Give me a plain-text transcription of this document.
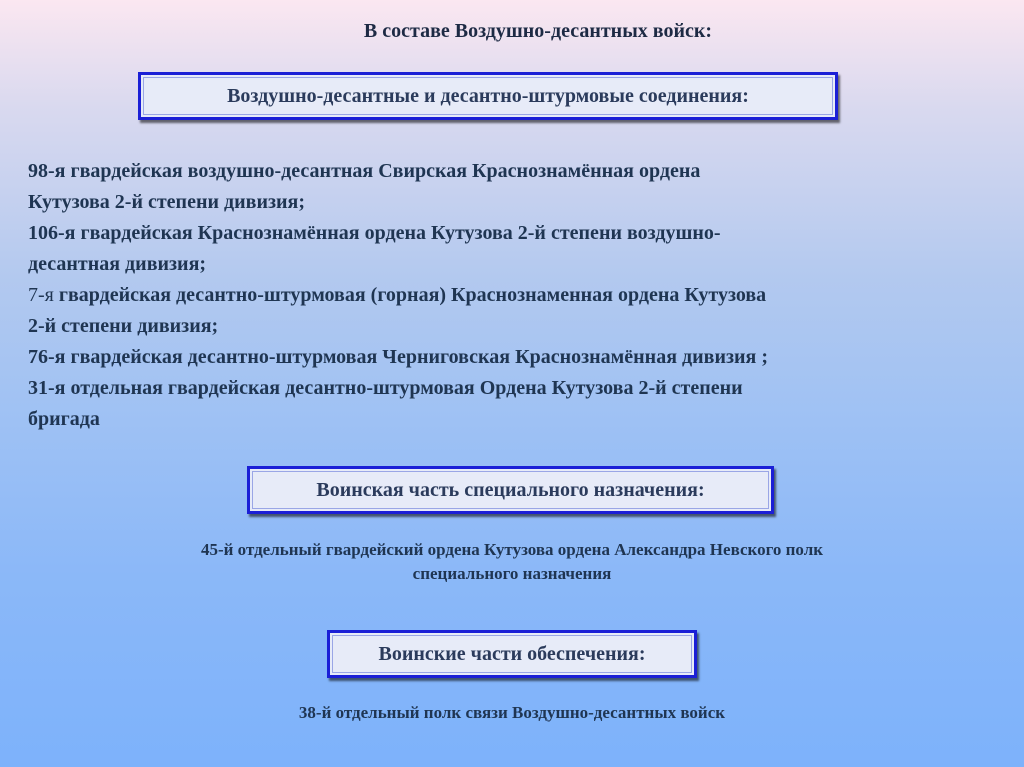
В составе Воздушно-десантных войск:
Воздушно-десантные и десантно-штурмовые соединения:
98-я гвардейская воздушно-десантная Свирская Краснознамённая ордена
Кутузова 2-й степени дивизия;
106-я гвардейская Краснознамённая ордена Кутузова 2-й степени воздушно-
десантная дивизия;
7-я гвардейская десантно-штурмовая (горная) Краснознаменная ордена Кутузова
2-й степени дивизия;
76-я гвардейская десантно-штурмовая Черниговская Краснознамённая дивизия ;
31-я отдельная гвардейская десантно-штурмовая Ордена Кутузова 2-й степени
бригада
Воинская часть специального назначения:
45-й отдельный гвардейский ордена Кутузова ордена Александра Невского полк
специального назначения
Воинские части обеспечения:
38-й отдельный полк связи Воздушно-десантных войск
